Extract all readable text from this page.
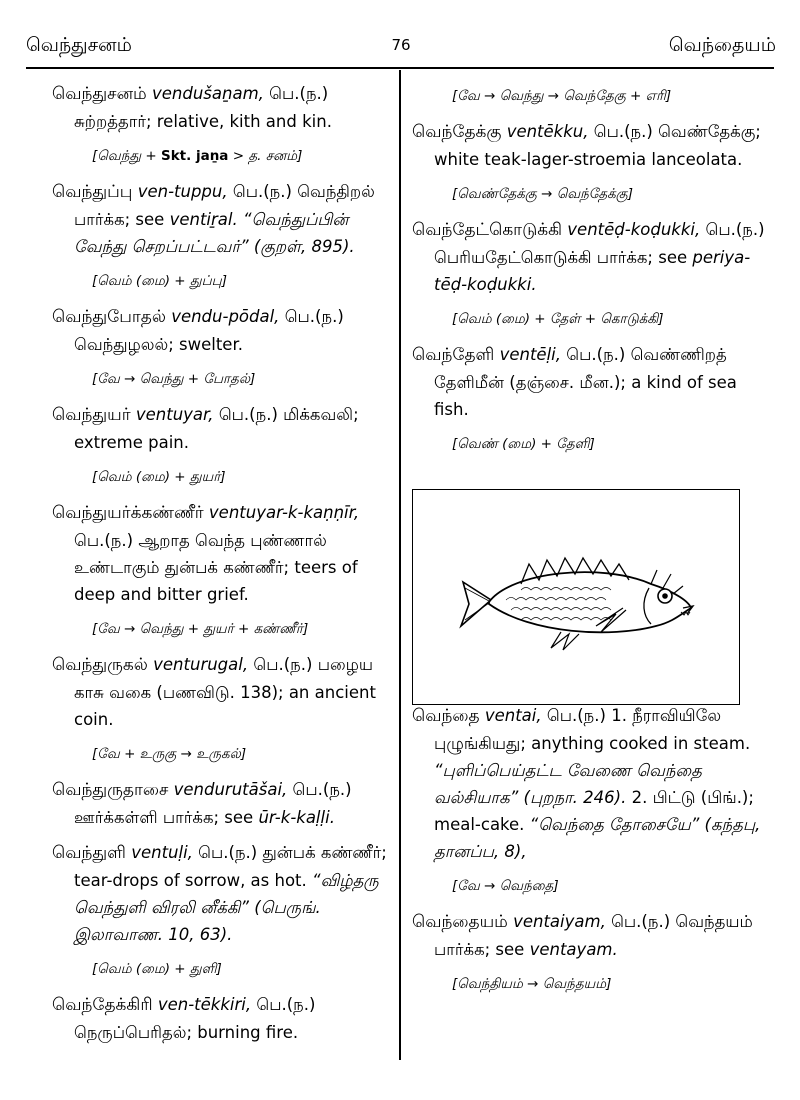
வெந்துசனம்	76	வெந்தையம்

வெந்துசனம் vendušaṉam, பெ.(ந.) சுற்றத்தார்; relative, kith and kin.

[வெந்து + Skt. jaṉa > த. சனம்]

வெந்துப்பு ven-tuppu, பெ.(ந.) வெந்திறல் பார்க்க; see ventiṟal. “வெந்துப்பின் வேந்து செறப்பட்டவர்” (குறள், 895).

[வெம் (மை) + துப்பு]

வெந்துபோதல் vendu-pōdal, பெ.(ந.) வெந்துழலல்; swelter.

[வே → வெந்து + போதல்]

வெந்துயர் ventuyar, பெ.(ந.) மிக்கவலி; extreme pain.

[வெம் (மை) + துயர்]

வெந்துயர்க்கண்ணீர் ventuyar-k-kaṇṇīr, பெ.(ந.) ஆறாத வெந்த புண்ணால் உண்டாகும் துன்பக் கண்ணீர்; teers of deep and bitter grief.

[வே → வெந்து + துயர் + கண்ணீர்]

வெந்துருகல் venturugal, பெ.(ந.) பழைய காசு வகை (பணவிடு. 138); an ancient coin.

[வே + உருகு → உருகல்]

வெந்துருதாசை vendurutāšai, பெ.(ந.) ஊர்க்கள்ளி பார்க்க; see ūr-k-kaḷḷi.

வெந்துளி ventuḷi, பெ.(ந.) துன்பக் கண்ணீர்; tear-drops of sorrow, as hot. “விழ்தரு வெந்துளி விரலி னீக்கி” (பெருங். இலாவாண. 10, 63).

[வெம் (மை) + துளி]

வெந்தேக்கிரி ven-tēkkiri, பெ.(ந.) நெருப்பெரிதல்; burning fire.

[வே → வெந்து → வெந்தேகு + எரி]

வெந்தேக்கு ventēkku, பெ.(ந.) வெண்தேக்கு; white teak-lager-stroemia lanceolata.

[வெண்தேக்கு → வெந்தேக்கு]

வெந்தேட்கொடுக்கி ventēḍ-koḍukki, பெ.(ந.) பெரியதேட்கொடுக்கி பார்க்க; see periya-tēḍ-koḍukki.

[வெம் (மை) + தேள் + கொடுக்கி]

வெந்தேளி ventēḷi, பெ.(ந.) வெண்ணிறத் தேளிமீன் (தஞ்சை. மீன.); a kind of sea fish.

[வெண் (மை) + தேளி]

வெந்தை ventai, பெ.(ந.) 1. நீராவியிலே புழுங்கியது; anything cooked in steam. “புளிப்பெய்தட்ட வேணை வெந்தை வல்சியாக” (புறநா. 246). 2. பிட்டு (பிங்.); meal-cake. “வெந்தை தோசையே” (கந்தபு, தானப்ப, 8),

[வே → வெந்தை]

வெந்தையம் ventaiyam, பெ.(ந.) வெந்தயம் பார்க்க; see ventayam.

[வெந்தியம் → வெந்தயம்]
